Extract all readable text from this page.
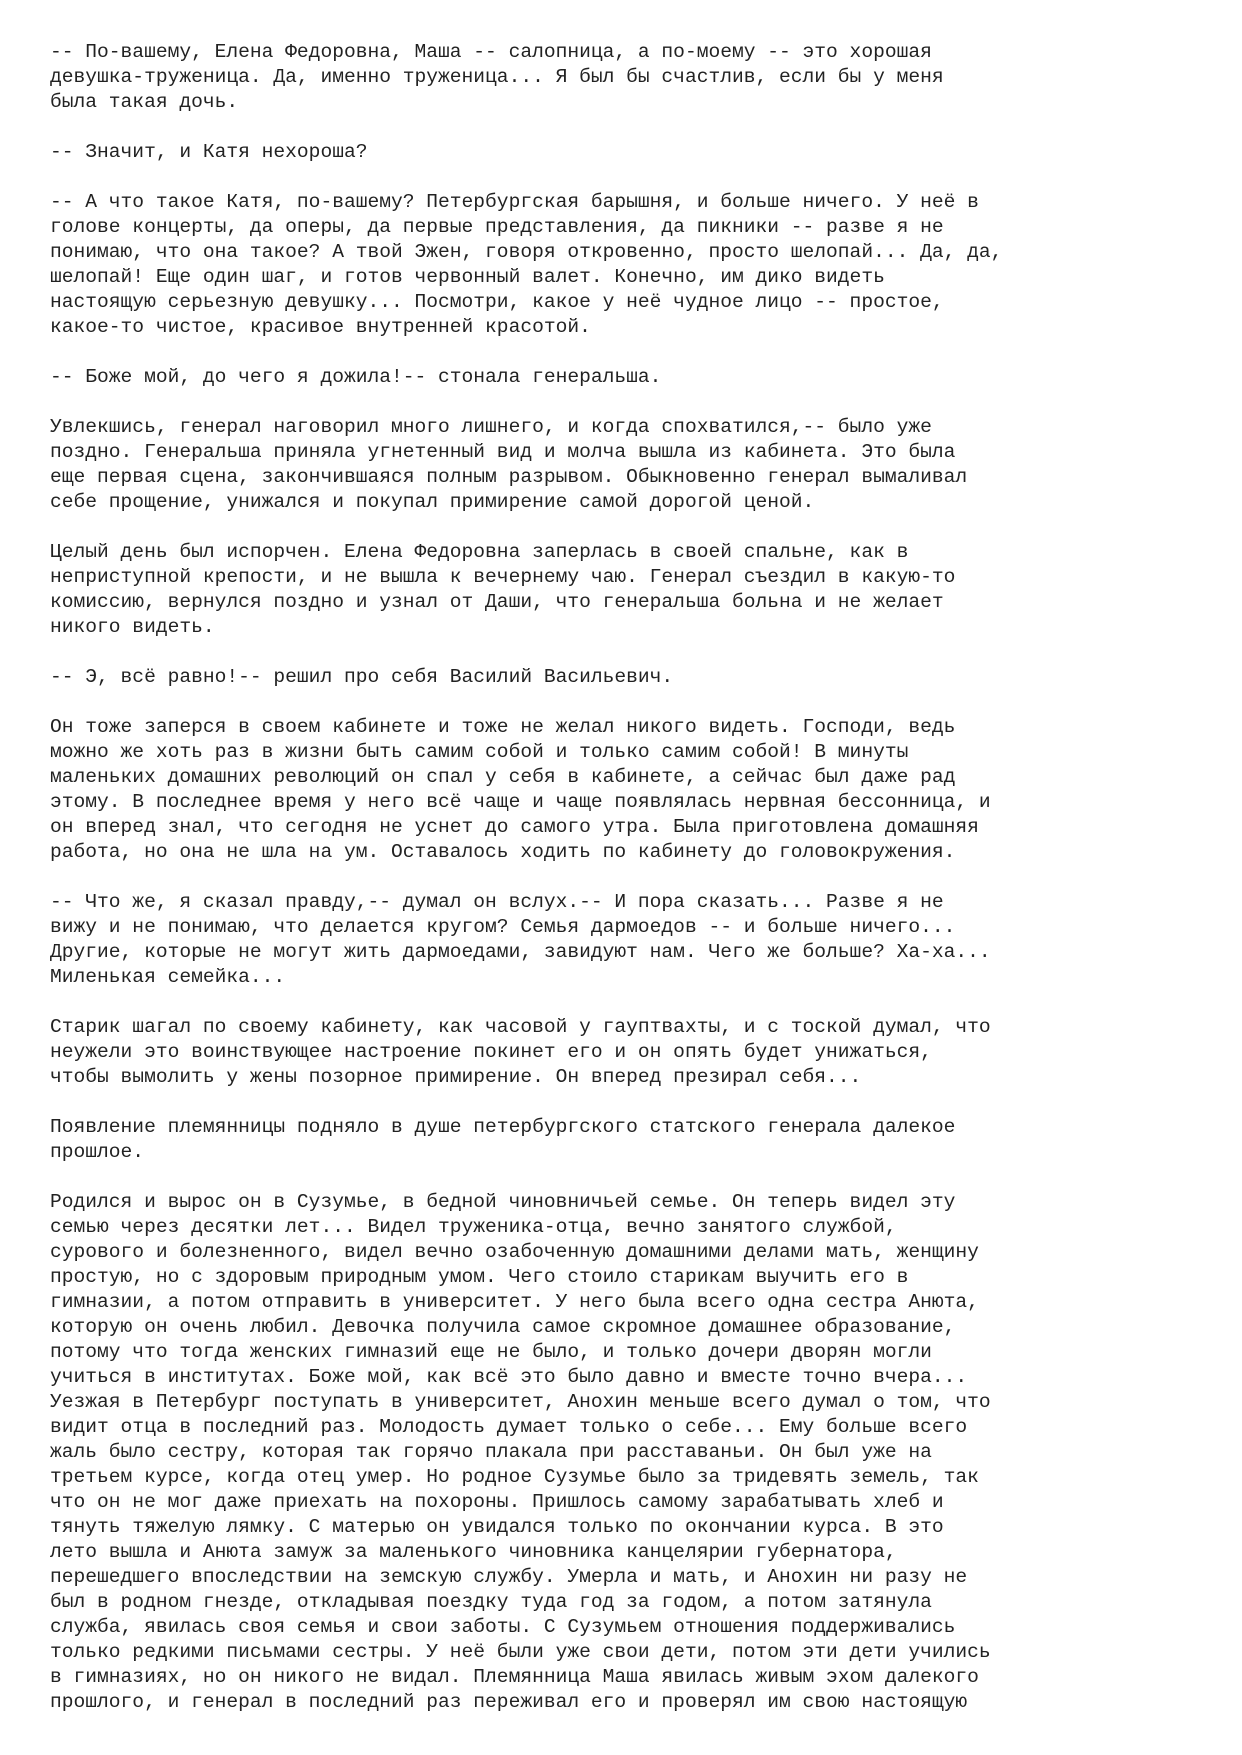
-- По-вашему, Елена Федоровна, Маша -- салопница, а по-моему -- это хорошая
девушка-труженица. Да, именно труженица... Я был бы счастлив, если бы у меня
была такая дочь.

-- Значит, и Катя нехороша?

-- А что такое Катя, по-вашему? Петербургская барышня, и больше ничего. У неё в
голове концерты, да оперы, да первые представления, да пикники -- разве я не
понимаю, что она такое? А твой Эжен, говоря откровенно, просто шелопай... Да, да,
шелопай! Еще один шаг, и готов червонный валет. Конечно, им дико видеть
настоящую серьезную девушку... Посмотри, какое у неё чудное лицо -- простое,
какое-то чистое, красивое внутренней красотой.

-- Боже мой, до чего я дожила!-- стонала генеральша.

Увлекшись, генерал наговорил много лишнего, и когда спохватился,-- было уже
поздно. Генеральша приняла угнетенный вид и молча вышла из кабинета. Это была
еще первая сцена, закончившаяся полным разрывом. Обыкновенно генерал вымаливал
себе прощение, унижался и покупал примирение самой дорогой ценой.

Целый день был испорчен. Елена Федоровна заперлась в своей спальне, как в
неприступной крепости, и не вышла к вечернему чаю. Генерал съездил в какую-то
комиссию, вернулся поздно и узнал от Даши, что генеральша больна и не желает
никого видеть.

-- Э, всё равно!-- решил про себя Василий Васильевич.

Он тоже заперся в своем кабинете и тоже не желал никого видеть. Господи, ведь
можно же хоть раз в жизни быть самим собой и только самим собой! В минуты
маленьких домашних революций он спал у себя в кабинете, а сейчас был даже рад
этому. В последнее время у него всё чаще и чаще появлялась нервная бессонница, и
он вперед знал, что сегодня не уснет до самого утра. Была приготовлена домашняя
работа, но она не шла на ум. Оставалось ходить по кабинету до головокружения.

-- Что же, я сказал правду,-- думал он вслух.-- И пора сказать... Разве я не
вижу и не понимаю, что делается кругом? Семья дармоедов -- и больше ничего...
Другие, которые не могут жить дармоедами, завидуют нам. Чего же больше? Ха-ха...
Миленькая семейка...

Старик шагал по своему кабинету, как часовой у гауптвахты, и с тоской думал, что
неужели это воинствующее настроение покинет его и он опять будет унижаться,
чтобы вымолить у жены позорное примирение. Он вперед презирал себя...

Появление племянницы подняло в душе петербургского статского генерала далекое
прошлое.

Родился и вырос он в Сузумье, в бедной чиновничьей семье. Он теперь видел эту
семью через десятки лет... Видел труженика-отца, вечно занятого службой,
сурового и болезненного, видел вечно озабоченную домашними делами мать, женщину
простую, но с здоровым природным умом. Чего стоило старикам выучить его в
гимназии, а потом отправить в университет. У него была всего одна сестра Анюта,
которую он очень любил. Девочка получила самое скромное домашнее образование,
потому что тогда женских гимназий еще не было, и только дочери дворян могли
учиться в институтах. Боже мой, как всё это было давно и вместе точно вчера...
Уезжая в Петербург поступать в университет, Анохин меньше всего думал о том, что
видит отца в последний раз. Молодость думает только о себе... Ему больше всего
жаль было сестру, которая так горячо плакала при расставаньи. Он был уже на
третьем курсе, когда отец умер. Но родное Сузумье было за тридевять земель, так
что он не мог даже приехать на похороны. Пришлось самому зарабатывать хлеб и
тянуть тяжелую лямку. С матерью он увидался только по окончании курса. В это
лето вышла и Анюта замуж за маленького чиновника канцелярии губернатора,
перешедшего впоследствии на земскую службу. Умерла и мать, и Анохин ни разу не
был в родном гнезде, откладывая поездку туда год за годом, а потом затянула
служба, явилась своя семья и свои заботы. С Сузумьем отношения поддерживались
только редкими письмами сестры. У неё были уже свои дети, потом эти дети учились
в гимназиях, но он никого не видал. Племянница Маша явилась живым эхом далекого
прошлого, и генерал в последний раз переживал его и проверял им свою настоящую
